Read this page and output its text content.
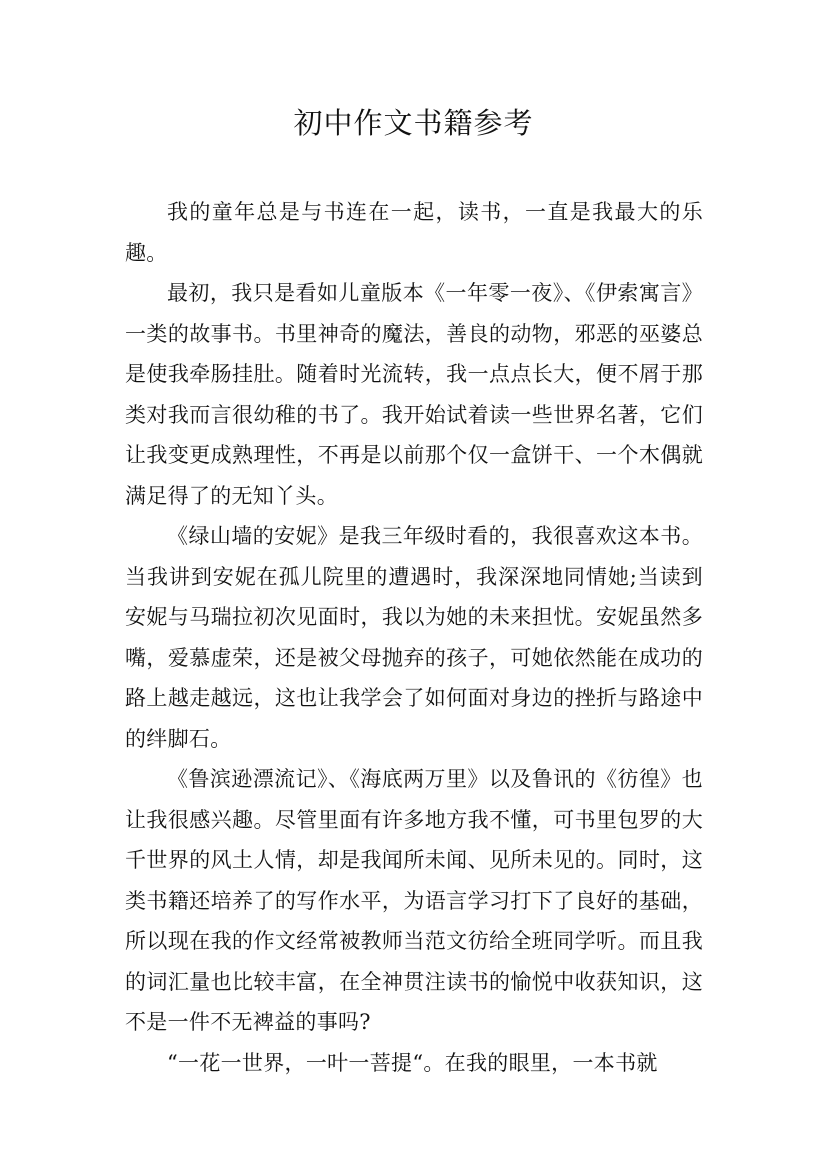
初中作文书籍参考

我的童年总是与书连在一起，读书，一直是我最大的乐趣。

最初，我只是看如儿童版本《一年零一夜》、《伊索寓言》一类的故事书。书里神奇的魔法，善良的动物，邪恶的巫婆总是使我牵肠挂肚。随着时光流转，我一点点长大，便不屑于那类对我而言很幼稚的书了。我开始试着读一些世界名著，它们让我变更成熟理性，不再是以前那个仅一盒饼干、一个木偶就满足得了的无知丫头。

《绿山墙的安妮》是我三年级时看的，我很喜欢这本书。当我讲到安妮在孤儿院里的遭遇时，我深深地同情她;当读到安妮与马瑞拉初次见面时，我以为她的未来担忧。安妮虽然多嘴，爱慕虚荣，还是被父母抛弃的孩子，可她依然能在成功的路上越走越远，这也让我学会了如何面对身边的挫折与路途中的绊脚石。

《鲁滨逊漂流记》、《海底两万里》以及鲁讯的《彷徨》也让我很感兴趣。尽管里面有许多地方我不懂，可书里包罗的大千世界的风土人情，却是我闻所未闻、见所未见的。同时，这类书籍还培养了的写作水平，为语言学习打下了良好的基础，所以现在我的作文经常被教师当范文彷给全班同学听。而且我的词汇量也比较丰富，在全神贯注读书的愉悦中收获知识，这不是一件不无裨益的事吗?

“一花一世界，一叶一菩提“。在我的眼里，一本书就
